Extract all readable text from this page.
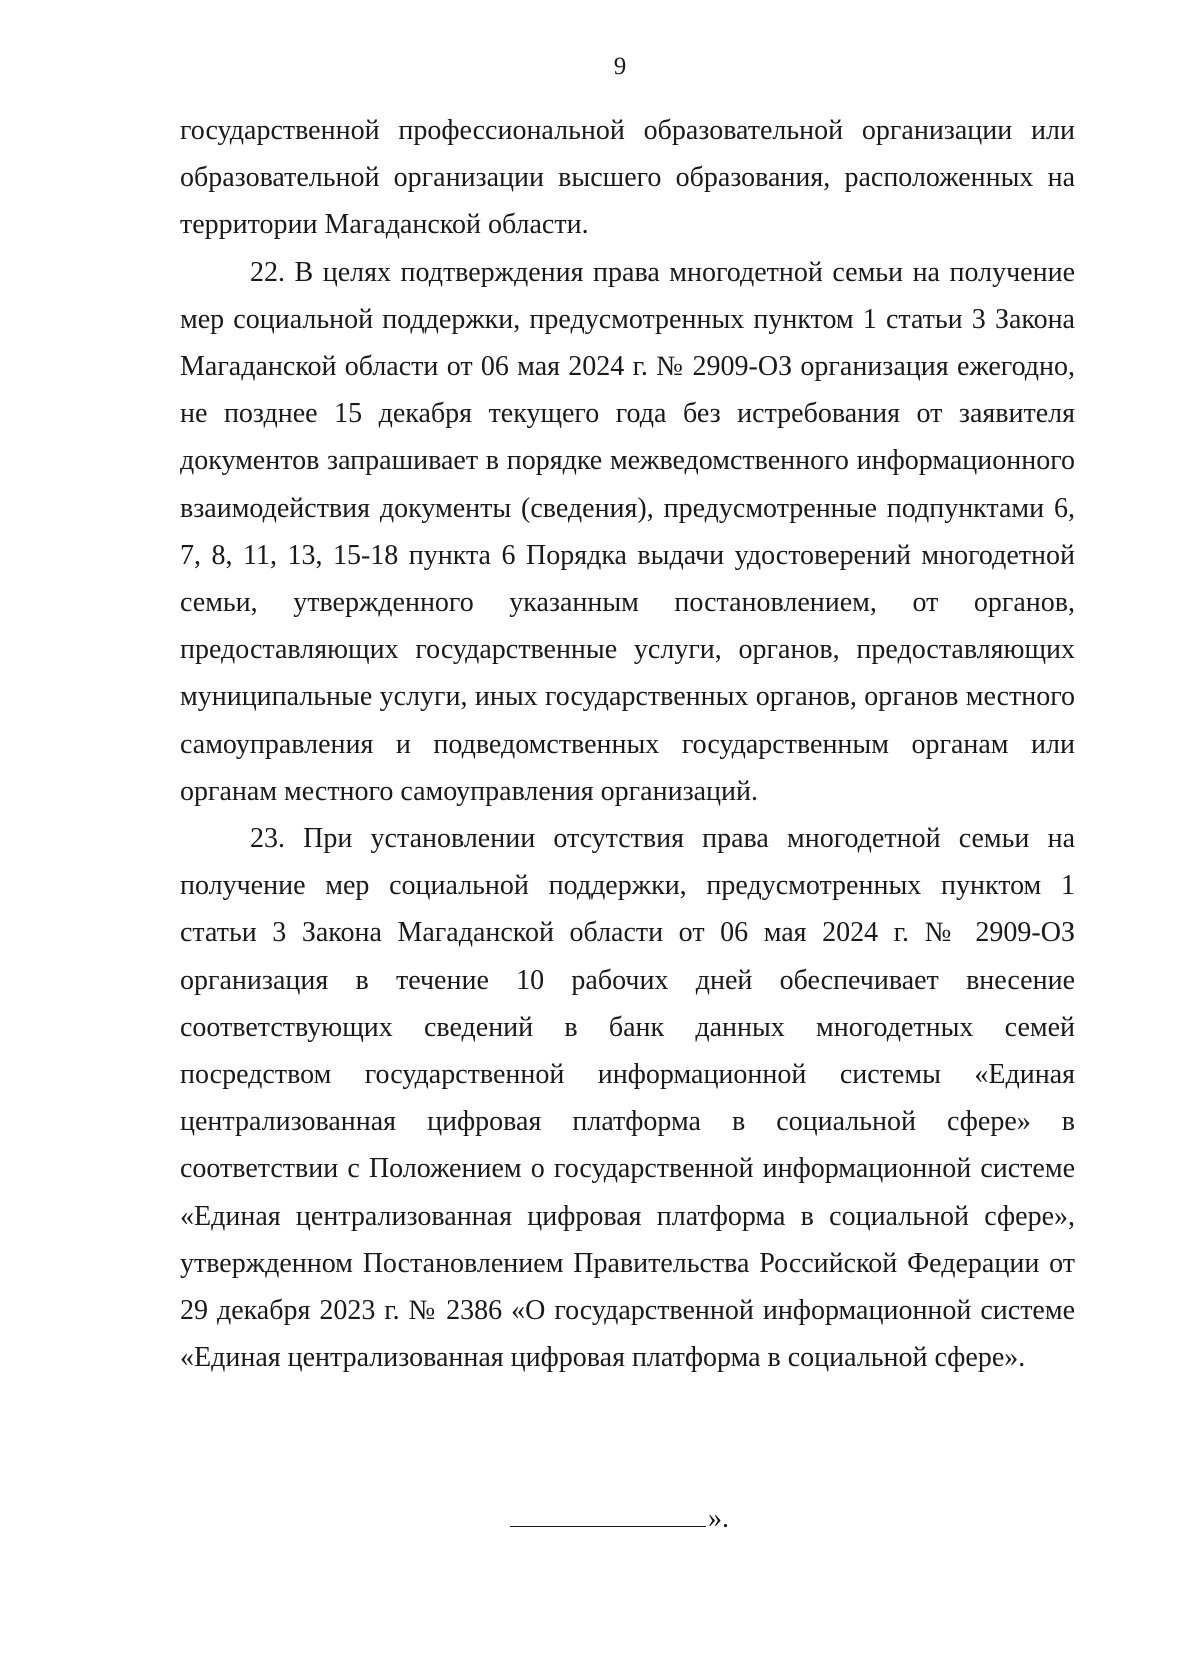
9

государственной профессиональной образовательной организации или образовательной организации высшего образования, расположенных на территории Магаданской области.

22. В целях подтверждения права многодетной семьи на получение мер социальной поддержки, предусмотренных пунктом 1 статьи 3 Закона Магаданской области от 06 мая 2024 г. № 2909-ОЗ организация ежегодно, не позднее 15 декабря текущего года без истребования от заявителя документов запрашивает в порядке межведомственного информационного взаимодействия документы (сведения), предусмотренные подпунктами 6, 7, 8, 11, 13, 15-18 пункта 6 Порядка выдачи удостоверений многодетной семьи, утвержденного указанным постановлением, от органов, предоставляющих государственные услуги, органов, предоставляющих муниципальные услуги, иных государственных органов, органов местного самоуправления и подведомственных государственным органам или органам местного самоуправления организаций.

23. При установлении отсутствия права многодетной семьи на получение мер социальной поддержки, предусмотренных пунктом 1 статьи 3 Закона Магаданской области от 06 мая 2024 г. № 2909-ОЗ организация в течение 10 рабочих дней обеспечивает внесение соответствующих сведений в банк данных многодетных семей посредством государственной информационной системы «Единая централизованная цифровая платформа в социальной сфере» в соответствии с Положением о государственной информационной системе «Единая централизованная цифровая платформа в социальной сфере», утвержденном Постановлением Правительства Российской Федерации от 29 декабря 2023 г. № 2386 «О государственной информационной системе «Единая централизованная цифровая платформа в социальной сфере».

».
